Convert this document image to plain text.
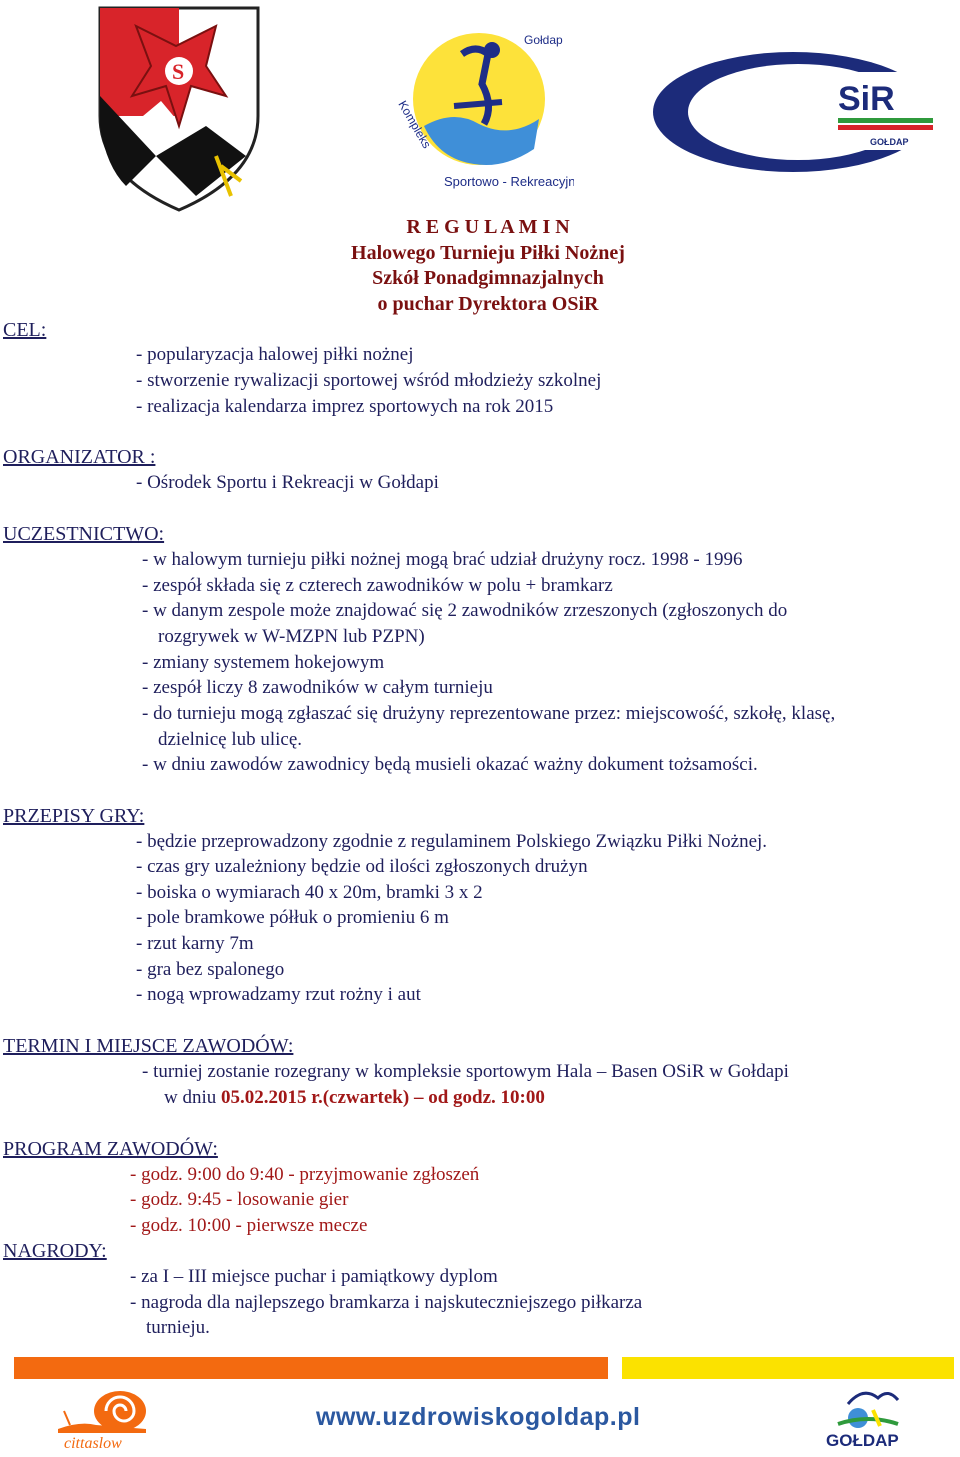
S
Kompleks
Sportowo - Rekreacyjny
Gołdap
SiR
GOŁDAP
R E G U L A M I N
Halowego Turnieju Piłki Nożnej
Szkół Ponadgimnazjalnych
o puchar Dyrektora OSiR
CEL:
- popularyzacja halowej piłki nożnej
- stworzenie rywalizacji sportowej wśród młodzieży szkolnej
- realizacja kalendarza imprez sportowych na rok 2015
ORGANIZATOR :
- Ośrodek Sportu i Rekreacji w Gołdapi
UCZESTNICTWO:
- w halowym turnieju piłki nożnej mogą brać udział drużyny rocz. 1998 - 1996
- zespół składa się z czterech zawodników w polu + bramkarz
- w danym zespole może znajdować się 2 zawodników zrzeszonych (zgłoszonych do
rozgrywek w W-MZPN lub PZPN)
- zmiany systemem hokejowym
- zespół liczy 8 zawodników w całym turnieju
- do turnieju mogą zgłaszać się drużyny reprezentowane przez: miejscowość, szkołę, klasę,
dzielnicę lub ulicę.
- w dniu zawodów zawodnicy będą musieli okazać ważny dokument tożsamości.
PRZEPISY GRY:
- będzie przeprowadzony zgodnie z regulaminem Polskiego Związku Piłki Nożnej.
- czas gry uzależniony będzie od ilości zgłoszonych drużyn
- boiska o wymiarach 40 x 20m, bramki 3 x 2
- pole bramkowe półłuk o promieniu 6 m
- rzut karny 7m
- gra bez spalonego
- nogą wprowadzamy rzut rożny i aut
TERMIN I MIEJSCE ZAWODÓW:
- turniej zostanie rozegrany w kompleksie sportowym Hala – Basen OSiR w Gołdapi
w dniu 05.02.2015 r.(czwartek) – od godz. 10:00
PROGRAM ZAWODÓW:
- godz. 9:00 do 9:40 - przyjmowanie zgłoszeń
- godz. 9:45 - losowanie gier
- godz. 10:00 - pierwsze mecze
NAGRODY:
- za I – III miejsce puchar i pamiątkowy dyplom
- nagroda dla najlepszego bramkarza i najskuteczniejszego piłkarza
turnieju.
cittaslow
www.uzdrowiskogoldap.pl
GOŁDAP
